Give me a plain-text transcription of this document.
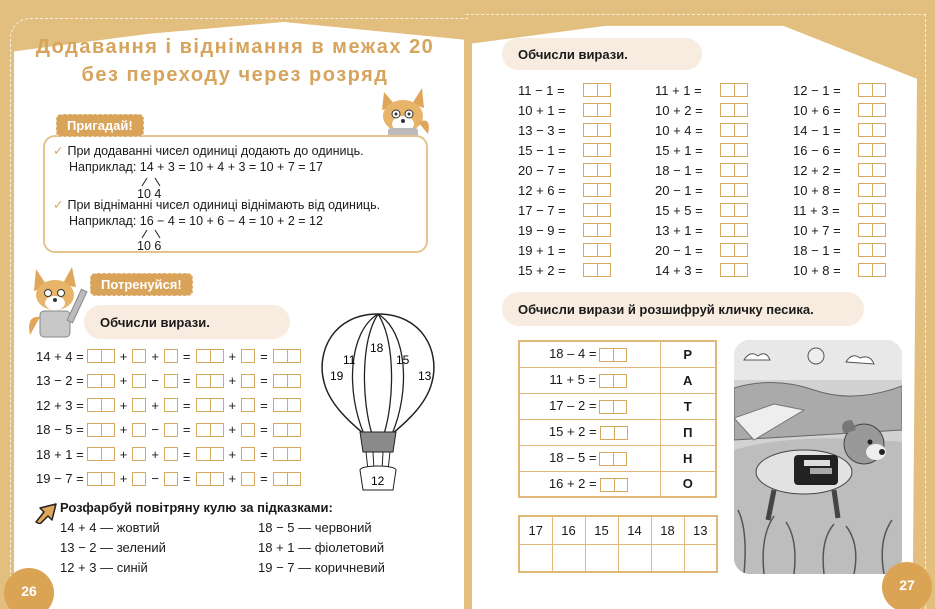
Додавання і віднімання в межах 20
без переходу через розряд
✓ При додаванні чисел одиниці додають до одиниць.
Наприклад: 14 + 3 = 10 + 4 + 3 = 10 + 7 = 17
10 4
✓ При відніманні чисел одиниці віднімають від одиниць.
Наприклад: 16 − 4 = 10 + 6 − 4 = 10 + 2 = 12
10 6
Пригадай!
Обчисли вирази.
Потренуйся!
14 + 4 =	+ + =	+ =
13 − 2 =	+ − =	+ =
12 + 3 =	+ + =	+ =
18 − 5 =	+ − =	+ =
18 + 1 =	+ + =	+ =
19 − 7 =	+ − =	+ =
19
11
18
15
13
12
Розфарбуй повітряну кулю за підказками:
14 + 4 — жовтий
13 − 2 — зелений
12 + 3 — синій
18 − 5 — червоний
18 + 1 — фіолетовий
19 − 7 — коричневий
26
Обчисли вирази.
11 − 1 =
10 + 1 =
13 − 3 =
15 − 1 =
20 − 7 =
12 + 6 =
17 − 7 =
19 − 9 =
19 + 1 =
15 + 2 =
11 + 1 =
10 + 2 =
10 + 4 =
15 + 1 =
18 − 1 =
20 − 1 =
15 + 5 =
13 + 1 =
20 − 1 =
14 + 3 =
12 − 1 =
10 + 6 =
14 − 1 =
16 − 6 =
12 + 2 =
10 + 8 =
11 + 3 =
10 + 7 =
18 − 1 =
10 + 8 =
Обчисли вирази й розшифруй кличку песика.
18 – 4 =	Р
11 + 5 =	А
17 – 2 =	Т
15 + 2 =	П
18 – 5 =	Н
16 + 2 =	О
17	16	15	14	18	13

27
